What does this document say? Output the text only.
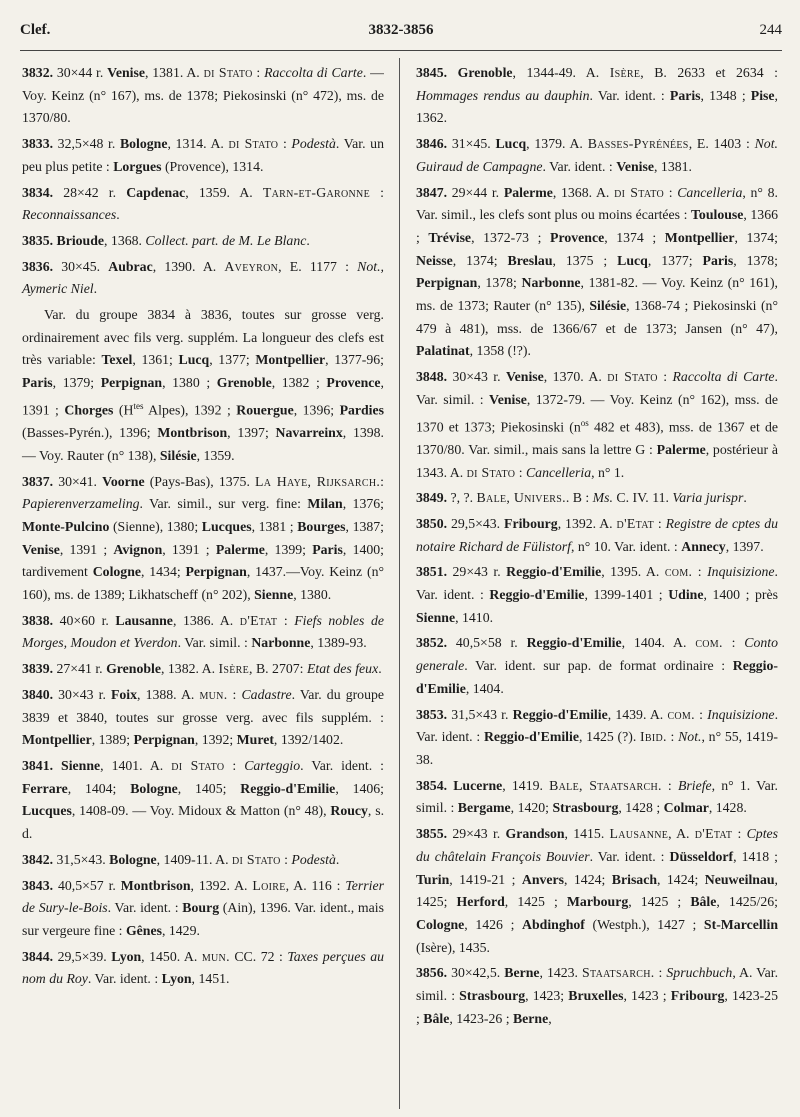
Clef.	3832-3856	244
3832. 30×44 r. Venise, 1381. A. di Stato : Raccolta di Carte. — Voy. Keinz (n° 167), ms. de 1378; Piekosinski (n° 472), ms. de 1370/80.
3833. 32,5×48 r. Bologne, 1314. A. di Stato : Podestà. Var. un peu plus petite : Lorgues (Provence), 1314.
3834. 28×42 r. Capdenac, 1359. A. Tarn-et-Garonne : Reconnaissances.
3835. Brioude, 1368. Collect. part. de M. Le Blanc.
3836. 30×45. Aubrac, 1390. A. Aveyron, E. 1177 : Not., Aymeric Niel.
Var. du groupe 3834 à 3836, toutes sur grosse verg. ordinairement avec fils verg. supplém. La longueur des clefs est très variable: Texel, 1361; Lucq, 1377; Montpellier, 1377-96; Paris, 1379; Perpignan, 1380 ; Grenoble, 1382 ; Provence, 1391 ; Chorges ($H^{tes}$ Alpes), 1392 ; Rouergue, 1396; Pardies (Basses-Pyrén.), 1396; Montbrison, 1397; Navarreinx, 1398. — Voy. Rauter (n° 138), Silésie, 1359.
3837. 30×41. Voorne (Pays-Bas), 1375. La Haye, Rijksarch.: Papierenverzameling. Var. simil., sur verg. fine: Milan, 1376; Monte-Pulcino (Sienne), 1380; Lucques, 1381 ; Bourges, 1387; Venise, 1391 ; Avignon, 1391 ; Palerme, 1399; Paris, 1400; tardivement Cologne, 1434; Perpignan, 1437.—Voy. Keinz (n° 160), ms. de 1389; Likhatscheff (n° 202), Sienne, 1380.
3838. 40×60 r. Lausanne, 1386. A. d'Etat : Fiefs nobles de Morges, Moudon et Yverdon. Var. simil. : Narbonne, 1389-93.
3839. 27×41 r. Grenoble, 1382. A. Isère, B. 2707: Etat des feux.
3840. 30×43 r. Foix, 1388. A. mun. : Cadastre. Var. du groupe 3839 et 3840, toutes sur grosse verg. avec fils supplém. : Montpellier, 1389; Perpignan, 1392; Muret, 1392/1402.
3841. Sienne, 1401. A. di Stato : Carteggio. Var. ident. : Ferrare, 1404; Bologne, 1405; Reggio-d'Emilie, 1406; Lucques, 1408-09. — Voy. Midoux & Matton (n° 48), Roucy, s. d.
3842. 31,5×43. Bologne, 1409-11. A. di Stato : Podestà.
3843. 40,5×57 r. Montbrison, 1392. A. Loire, A. 116 : Terrier de Sury-le-Bois. Var. ident. : Bourg (Ain), 1396. Var. ident., mais sur vergeure fine : Gênes, 1429.
3844. 29,5×39. Lyon, 1450. A. mun. CC. 72 : Taxes perçues au nom du Roy. Var. ident. : Lyon, 1451.
3845. Grenoble, 1344-49. A. Isère, B. 2633 et 2634 : Hommages rendus au dauphin. Var. ident. : Paris, 1348 ; Pise, 1362.
3846. 31×45. Lucq, 1379. A. Basses-Pyrénées, E. 1403 : Not. Guiraud de Campagne. Var. ident. : Venise, 1381.
3847. 29×44 r. Palerme, 1368. A. di Stato : Cancelleria, n° 8. Var. simil., les clefs sont plus ou moins écartées : Toulouse, 1366 ; Trévise, 1372-73 ; Provence, 1374 ; Montpellier, 1374; Neisse, 1374; Breslau, 1375 ; Lucq, 1377; Paris, 1378; Perpignan, 1378; Narbonne, 1381-82. — Voy. Keinz (n° 161), ms. de 1373; Rauter (n° 135), Silésie, 1368-74 ; Piekosinski (n° 479 à 481), mss. de 1366/67 et de 1373; Jansen (n° 47), Palatinat, 1358 (!?).
3848. 30×43 r. Venise, 1370. A. di Stato : Raccolta di Carte. Var. simil. : Venise, 1372-79. — Voy. Keinz (n° 162), mss. de 1370 et 1373; Piekosinski ($n^{os}$ 482 et 483), mss. de 1367 et de 1370/80. Var. simil., mais sans la lettre G : Palerme, postérieur à 1343. A. di Stato : Cancelleria, n° 1.
3849. ?, ?. Bale, Univers.. B : Ms. C. IV. 11. Varia jurispr.
3850. 29,5×43. Fribourg, 1392. A. d'Etat : Registre de cptes du notaire Richard de Fülistorf, n° 10. Var. ident. : Annecy, 1397.
3851. 29×43 r. Reggio-d'Emilie, 1395. A. com. : Inquisizione. Var. ident. : Reggio-d'Emilie, 1399-1401 ; Udine, 1400 ; près Sienne, 1410.
3852. 40,5×58 r. Reggio-d'Emilie, 1404. A. com. : Conto generale. Var. ident. sur pap. de format ordinaire : Reggio-d'Emilie, 1404.
3853. 31,5×43 r. Reggio-d'Emilie, 1439. A. com. : Inquisizione. Var. ident. : Reggio-d'Emilie, 1425 (?). Ibid. : Not., n° 55, 1419-38.
3854. Lucerne, 1419. Bale, Staatsarch. : Briefe, n° 1. Var. simil. : Bergame, 1420; Strasbourg, 1428 ; Colmar, 1428.
3855. 29×43 r. Grandson, 1415. Lausanne, A. d'Etat : Cptes du châtelain François Bouvier. Var. ident. : Düsseldorf, 1418 ; Turin, 1419-21 ; Anvers, 1424; Brisach, 1424; Neuweilnau, 1425; Herford, 1425 ; Marbourg, 1425 ; Bâle, 1425/26; Cologne, 1426 ; Abdinghof (Westph.), 1427 ; St-Marcellin (Isère), 1435.
3856. 30×42,5. Berne, 1423. Staatsarch. : Spruchbuch, A. Var. simil. : Strasbourg, 1423; Bruxelles, 1423 ; Fribourg, 1423-25 ; Bâle, 1423-26 ; Berne,
